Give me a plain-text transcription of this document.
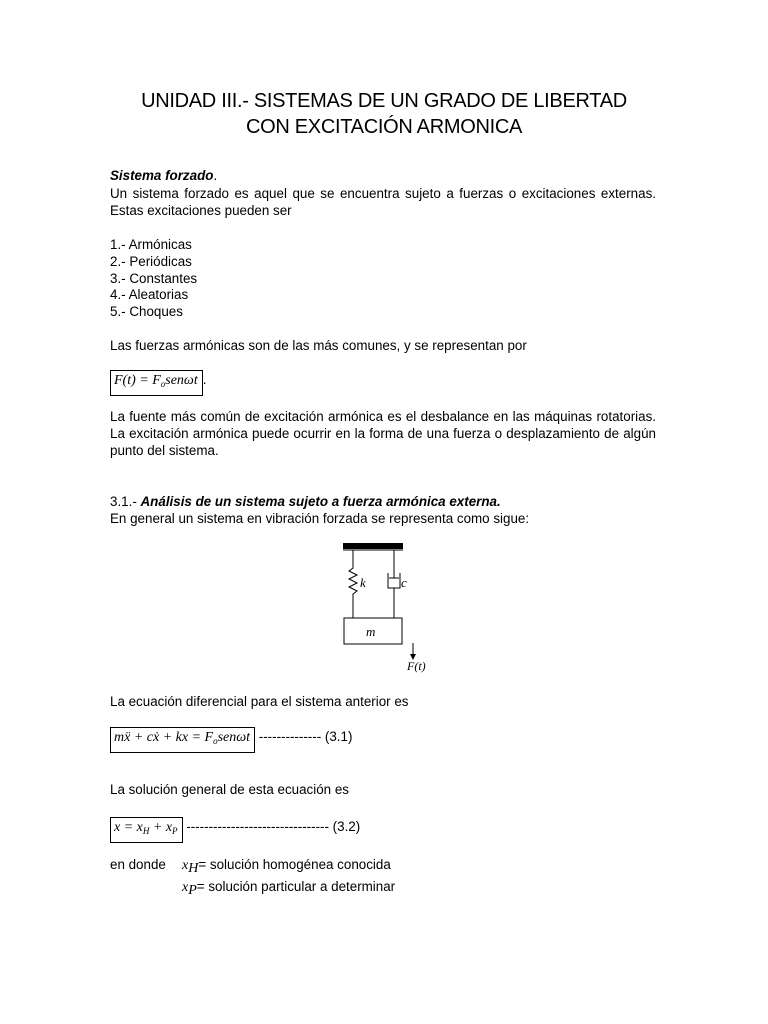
UNIDAD III.- SISTEMAS DE UN GRADO DE LIBERTAD
CON EXCITACIÓN ARMONICA
Sistema forzado.
Un sistema forzado es aquel que se encuentra sujeto a fuerzas o excitaciones externas. Estas excitaciones pueden ser
1.- Armónicas
2.- Periódicas
3.- Constantes
4.- Aleatorias
5.- Choques
Las fuerzas armónicas son de las más comunes, y se representan por
$F(t) = F_osen\omega t$ .
La fuente más común de excitación armónica es el desbalance en las máquinas rotatorias. La excitación armónica puede ocurrir en la forma de una fuerza o desplazamiento de algún punto del sistema.
3.1.- Análisis de un sistema sujeto a fuerza armónica externa.
En general un sistema en vibración forzada se representa como sigue:
k	c
m
F(t)
La ecuación diferencial para el sistema anterior es
mẍ + cẋ + kx = $F_osen\omega t$ -------------- (3.1)
La solución general de esta ecuación es
$x = x_H + x_P$ -------------------------------- (3.2)
en donde $x_H=$ solución homogénea conocida
$x_P=$ solución particular a determinar
